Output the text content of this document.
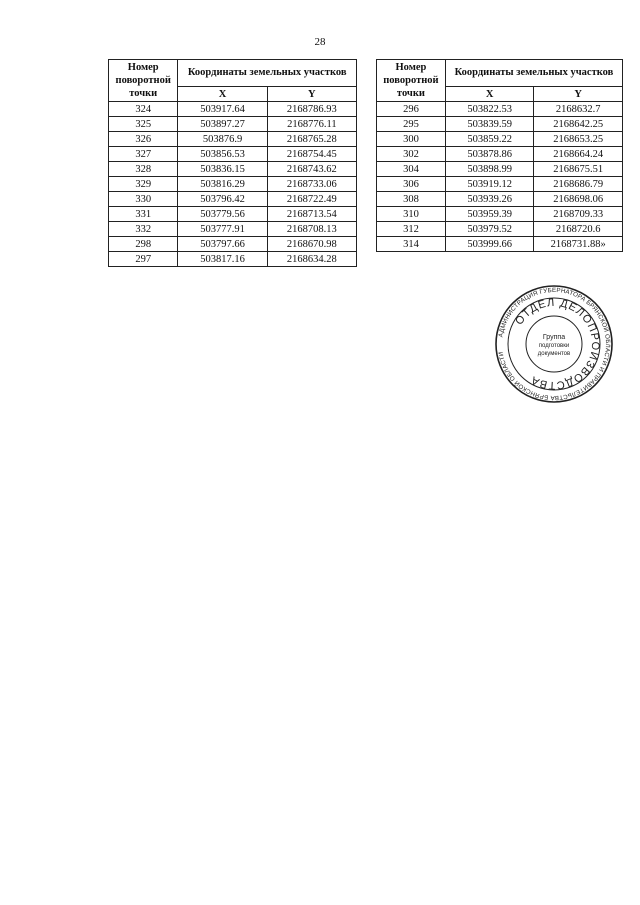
28
Номер поворотной точки	Координаты земельных участков	
	X	Y
324	503917.64	2168786.93
325	503897.27	2168776.11
326	503876.9	2168765.28
327	503856.53	2168754.45
328	503836.15	2168743.62
329	503816.29	2168733.06
330	503796.42	2168722.49
331	503779.56	2168713.54
332	503777.91	2168708.13
298	503797.66	2168670.98
297	503817.16	2168634.28
Номер поворотной точки	Координаты земельных участков	
	X	Y
296	503822.53	2168632.7
295	503839.59	2168642.25
300	503859.22	2168653.25
302	503878.86	2168664.24
304	503898.99	2168675.51
306	503919.12	2168686.79
308	503939.26	2168698.06
310	503959.39	2168709.33
312	503979.52	2168720.6
314	503999.66	2168731.88»
АДМИНИСТРАЦИЯ ГУБЕРНАТОРА БРЯНСКОЙ ОБЛАСТИ И ПРАВИТЕЛЬСТВА БРЯНСКОЙ ОБЛАСТИ
ОТДЕЛ ДЕЛОПРОИЗВОДСТВА
Группа
подготовки
документов
